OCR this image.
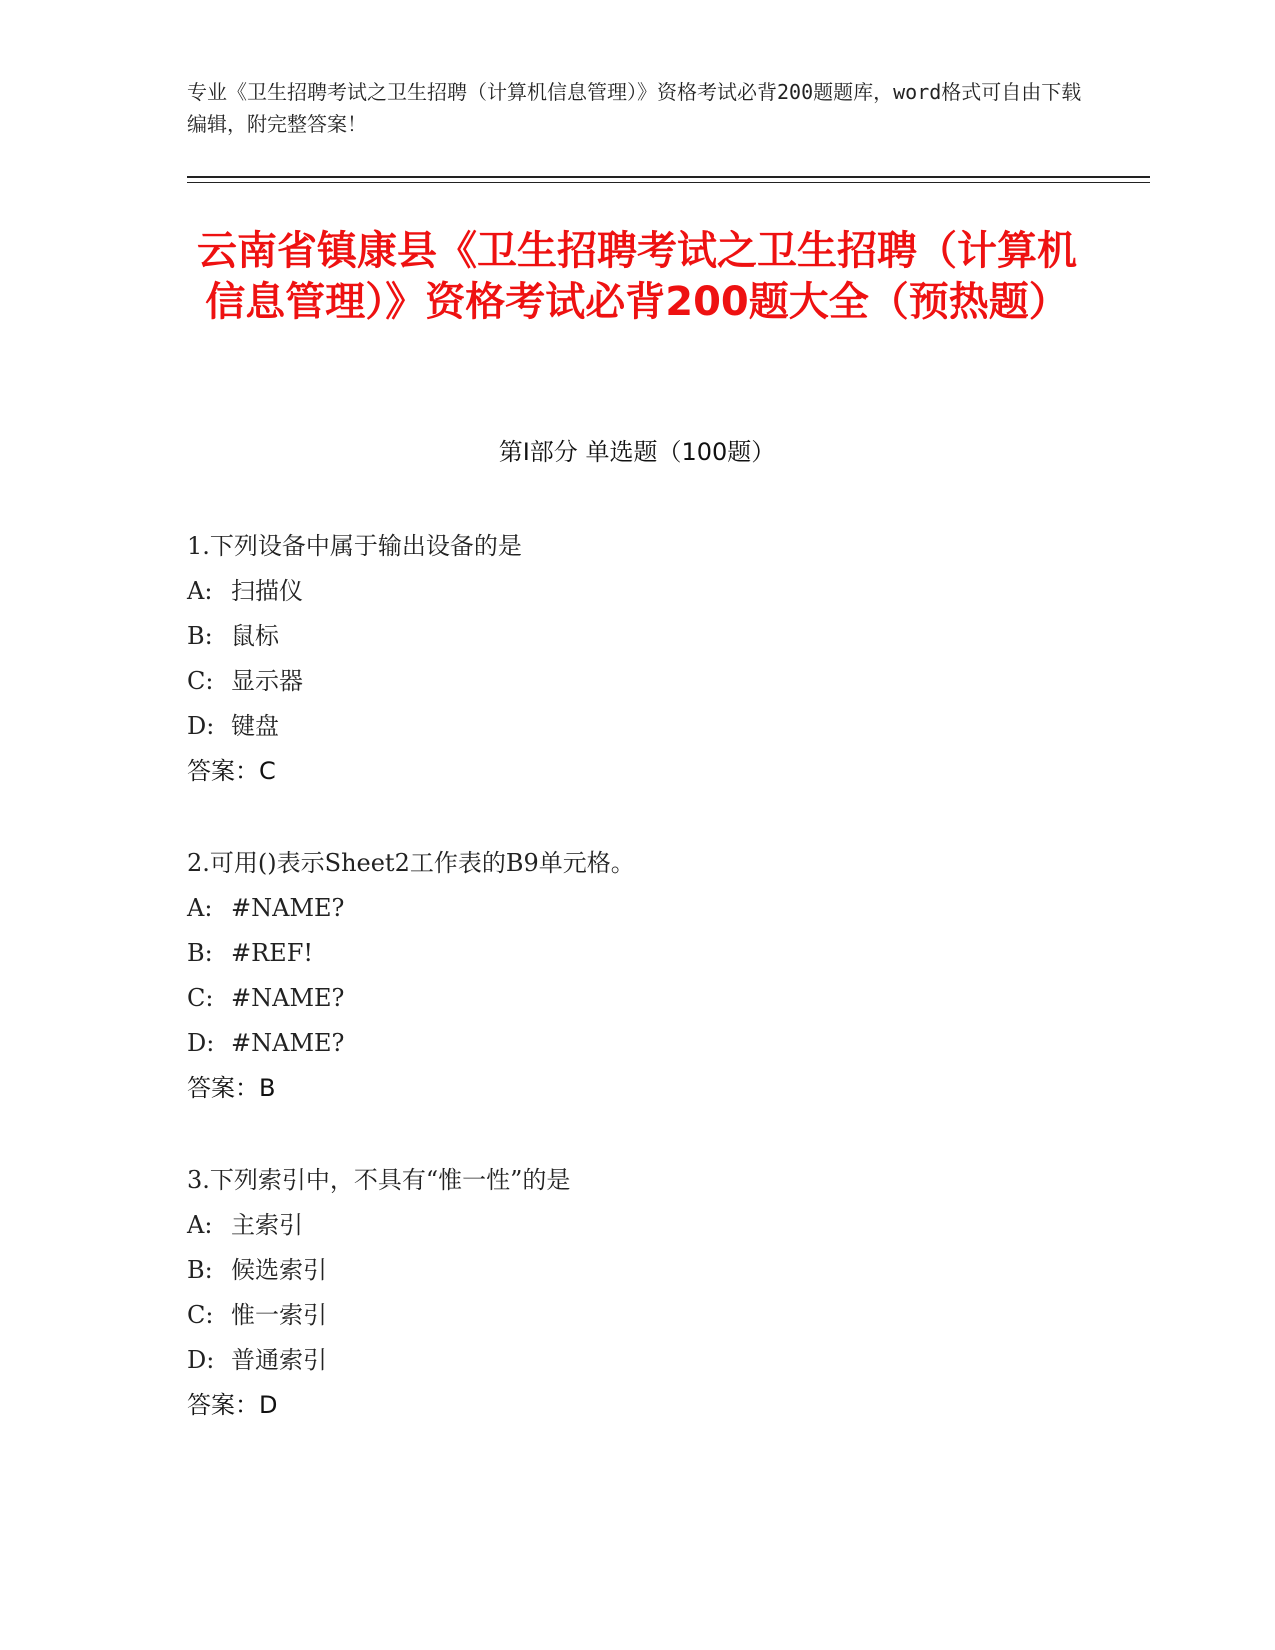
专业《卫生招聘考试之卫生招聘（计算机信息管理）》资格考试必背200题题库，word格式可自由下载编辑，附完整答案！
云南省镇康县《卫生招聘考试之卫生招聘（计算机信息管理）》资格考试必背200题大全（预热题）
第I部分 单选题（100题）
1.下列设备中属于输出设备的是
A: 扫描仪
B: 鼠标
C: 显示器
D: 键盘
答案：C
2.可用()表示Sheet2工作表的B9单元格。
A: #NAME?
B: #REF!
C: #NAME?
D: #NAME?
答案：B
3.下列索引中，不具有“惟一性”的是
A: 主索引
B: 候选索引
C: 惟一索引
D: 普通索引
答案：D
